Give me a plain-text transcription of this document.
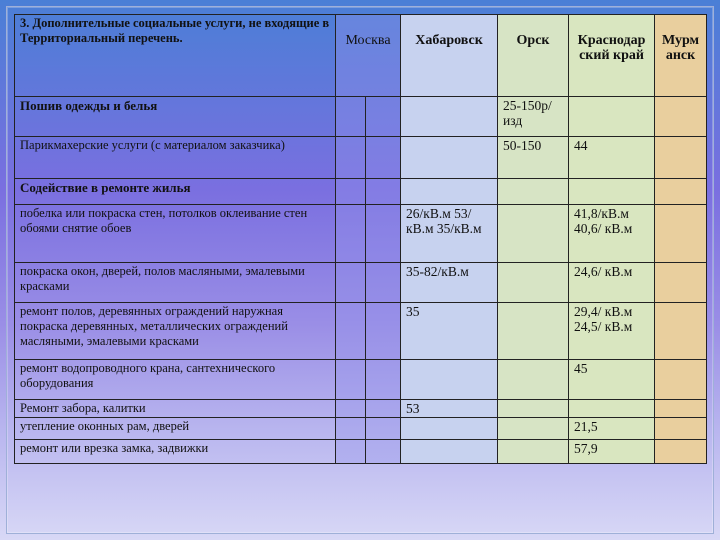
3. Дополнительные социальные услуги, не входящие в Территориальный перечень.	Москва		Хабаровск	Орск	Краснодар ский край	Мурм анск
Пошив одежды и белья				25-150р/изд		
Парикмахерские услуги (с материалом заказчика)				50-150	44	
Содействие в ремонте жилья						
побелка или покраска стен, потолков оклеивание стен обоями снятие обоев			26/кВ.м 53/кВ.м 35/кВ.м		41,8/кВ.м 40,6/ кВ.м	
покраска окон, дверей, полов масляными, эмалевыми красками			35-82/кВ.м		24,6/ кВ.м	
ремонт полов, деревянных ограждений наружная покраска деревянных, металлических ограждений масляными, эмалевыми красками			35		29,4/ кВ.м 24,5/ кВ.м	
ремонт водопроводного крана, сантехнического оборудования					45	
Ремонт забора, калитки			53			
утепление оконных рам, дверей					21,5	
ремонт или врезка замка, задвижки					57,9	
